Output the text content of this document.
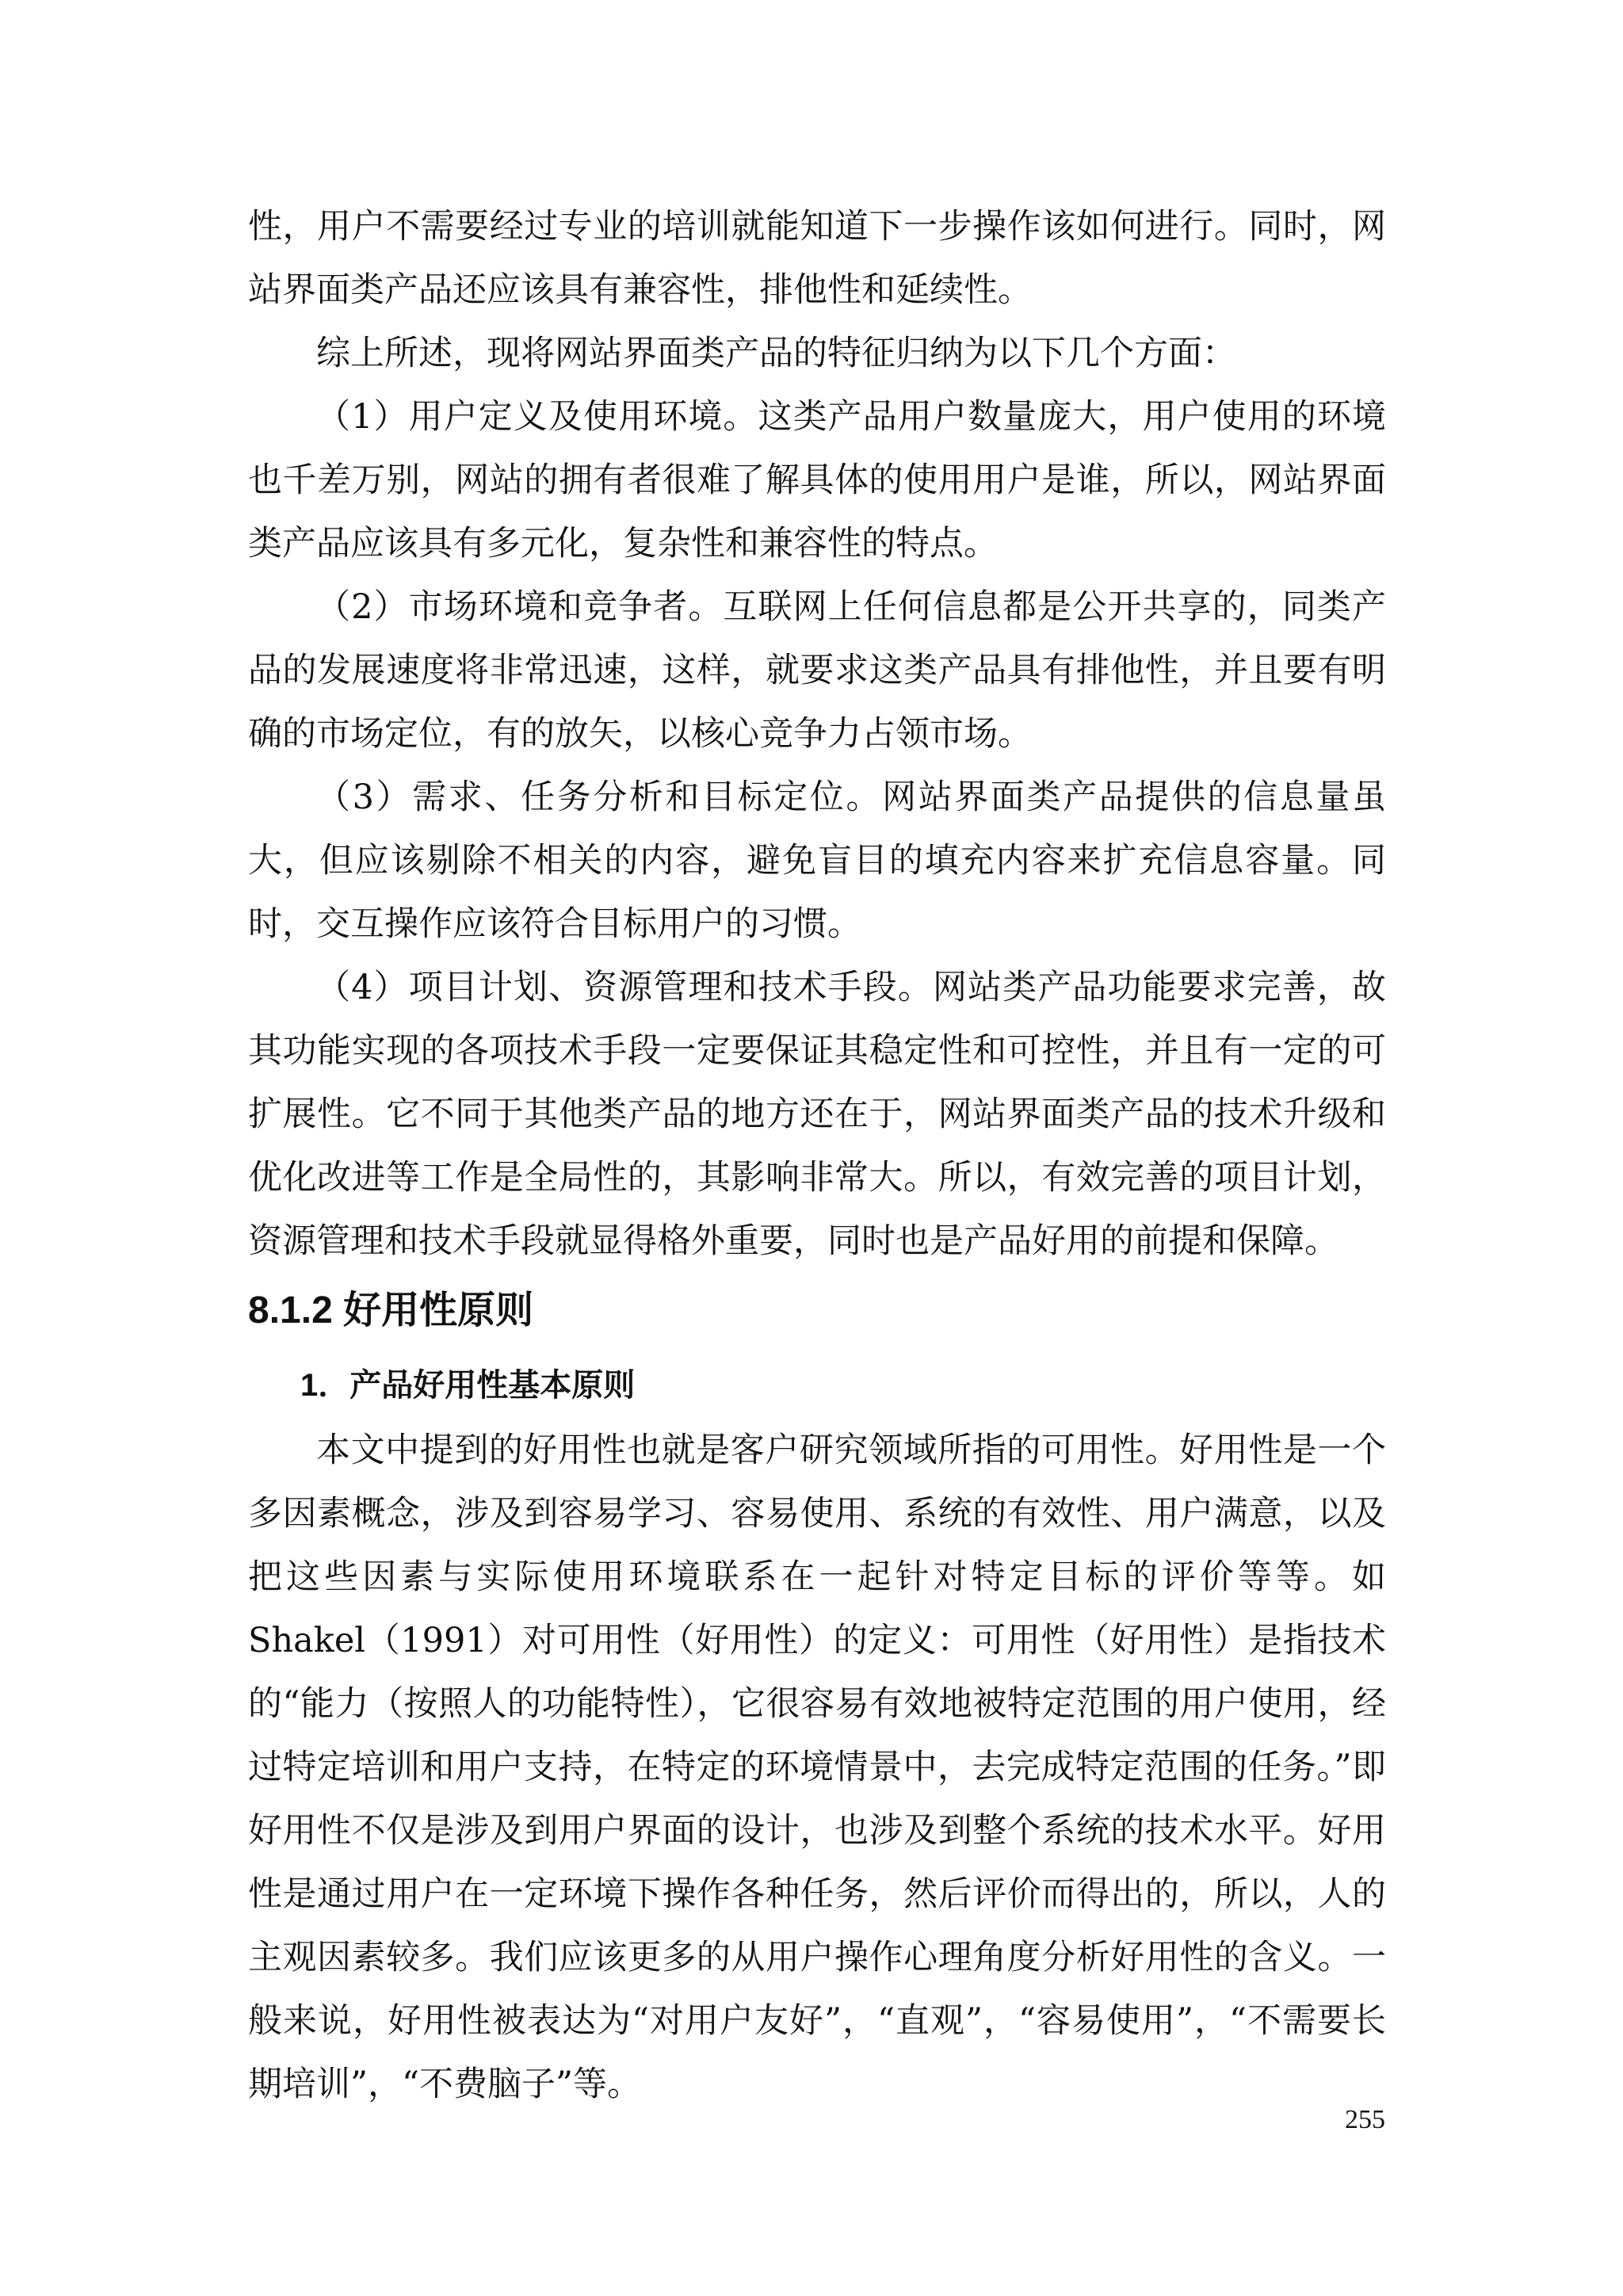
性，用户不需要经过专业的培训就能知道下一步操作该如何进行。同时，网站界面类产品还应该具有兼容性，排他性和延续性。

综上所述，现将网站界面类产品的特征归纳为以下几个方面：

（1）用户定义及使用环境。这类产品用户数量庞大，用户使用的环境也千差万别，网站的拥有者很难了解具体的使用用户是谁，所以，网站界面类产品应该具有多元化，复杂性和兼容性的特点。

（2）市场环境和竞争者。互联网上任何信息都是公开共享的，同类产品的发展速度将非常迅速，这样，就要求这类产品具有排他性，并且要有明确的市场定位，有的放矢，以核心竞争力占领市场。

（3）需求、任务分析和目标定位。网站界面类产品提供的信息量虽大，但应该剔除不相关的内容，避免盲目的填充内容来扩充信息容量。同时，交互操作应该符合目标用户的习惯。

（4）项目计划、资源管理和技术手段。网站类产品功能要求完善，故其功能实现的各项技术手段一定要保证其稳定性和可控性，并且有一定的可扩展性。它不同于其他类产品的地方还在于，网站界面类产品的技术升级和优化改进等工作是全局性的，其影响非常大。所以，有效完善的项目计划，资源管理和技术手段就显得格外重要，同时也是产品好用的前提和保障。

8.1.2 好用性原则
1．产品好用性基本原则

本文中提到的好用性也就是客户研究领域所指的可用性。好用性是一个多因素概念，涉及到容易学习、容易使用、系统的有效性、用户满意，以及把这些因素与实际使用环境联系在一起针对特定目标的评价等等。如 Shakel（1991）对可用性（好用性）的定义：可用性（好用性）是指技术的“能力（按照人的功能特性），它很容易有效地被特定范围的用户使用，经过特定培训和用户支持，在特定的环境情景中，去完成特定范围的任务。”即好用性不仅是涉及到用户界面的设计，也涉及到整个系统的技术水平。好用性是通过用户在一定环境下操作各种任务，然后评价而得出的，所以，人的主观因素较多。我们应该更多的从用户操作心理角度分析好用性的含义。一般来说，好用性被表达为“对用户友好”，“直观”，“容易使用”，“不需要长期培训”，“不费脑子”等。

255
